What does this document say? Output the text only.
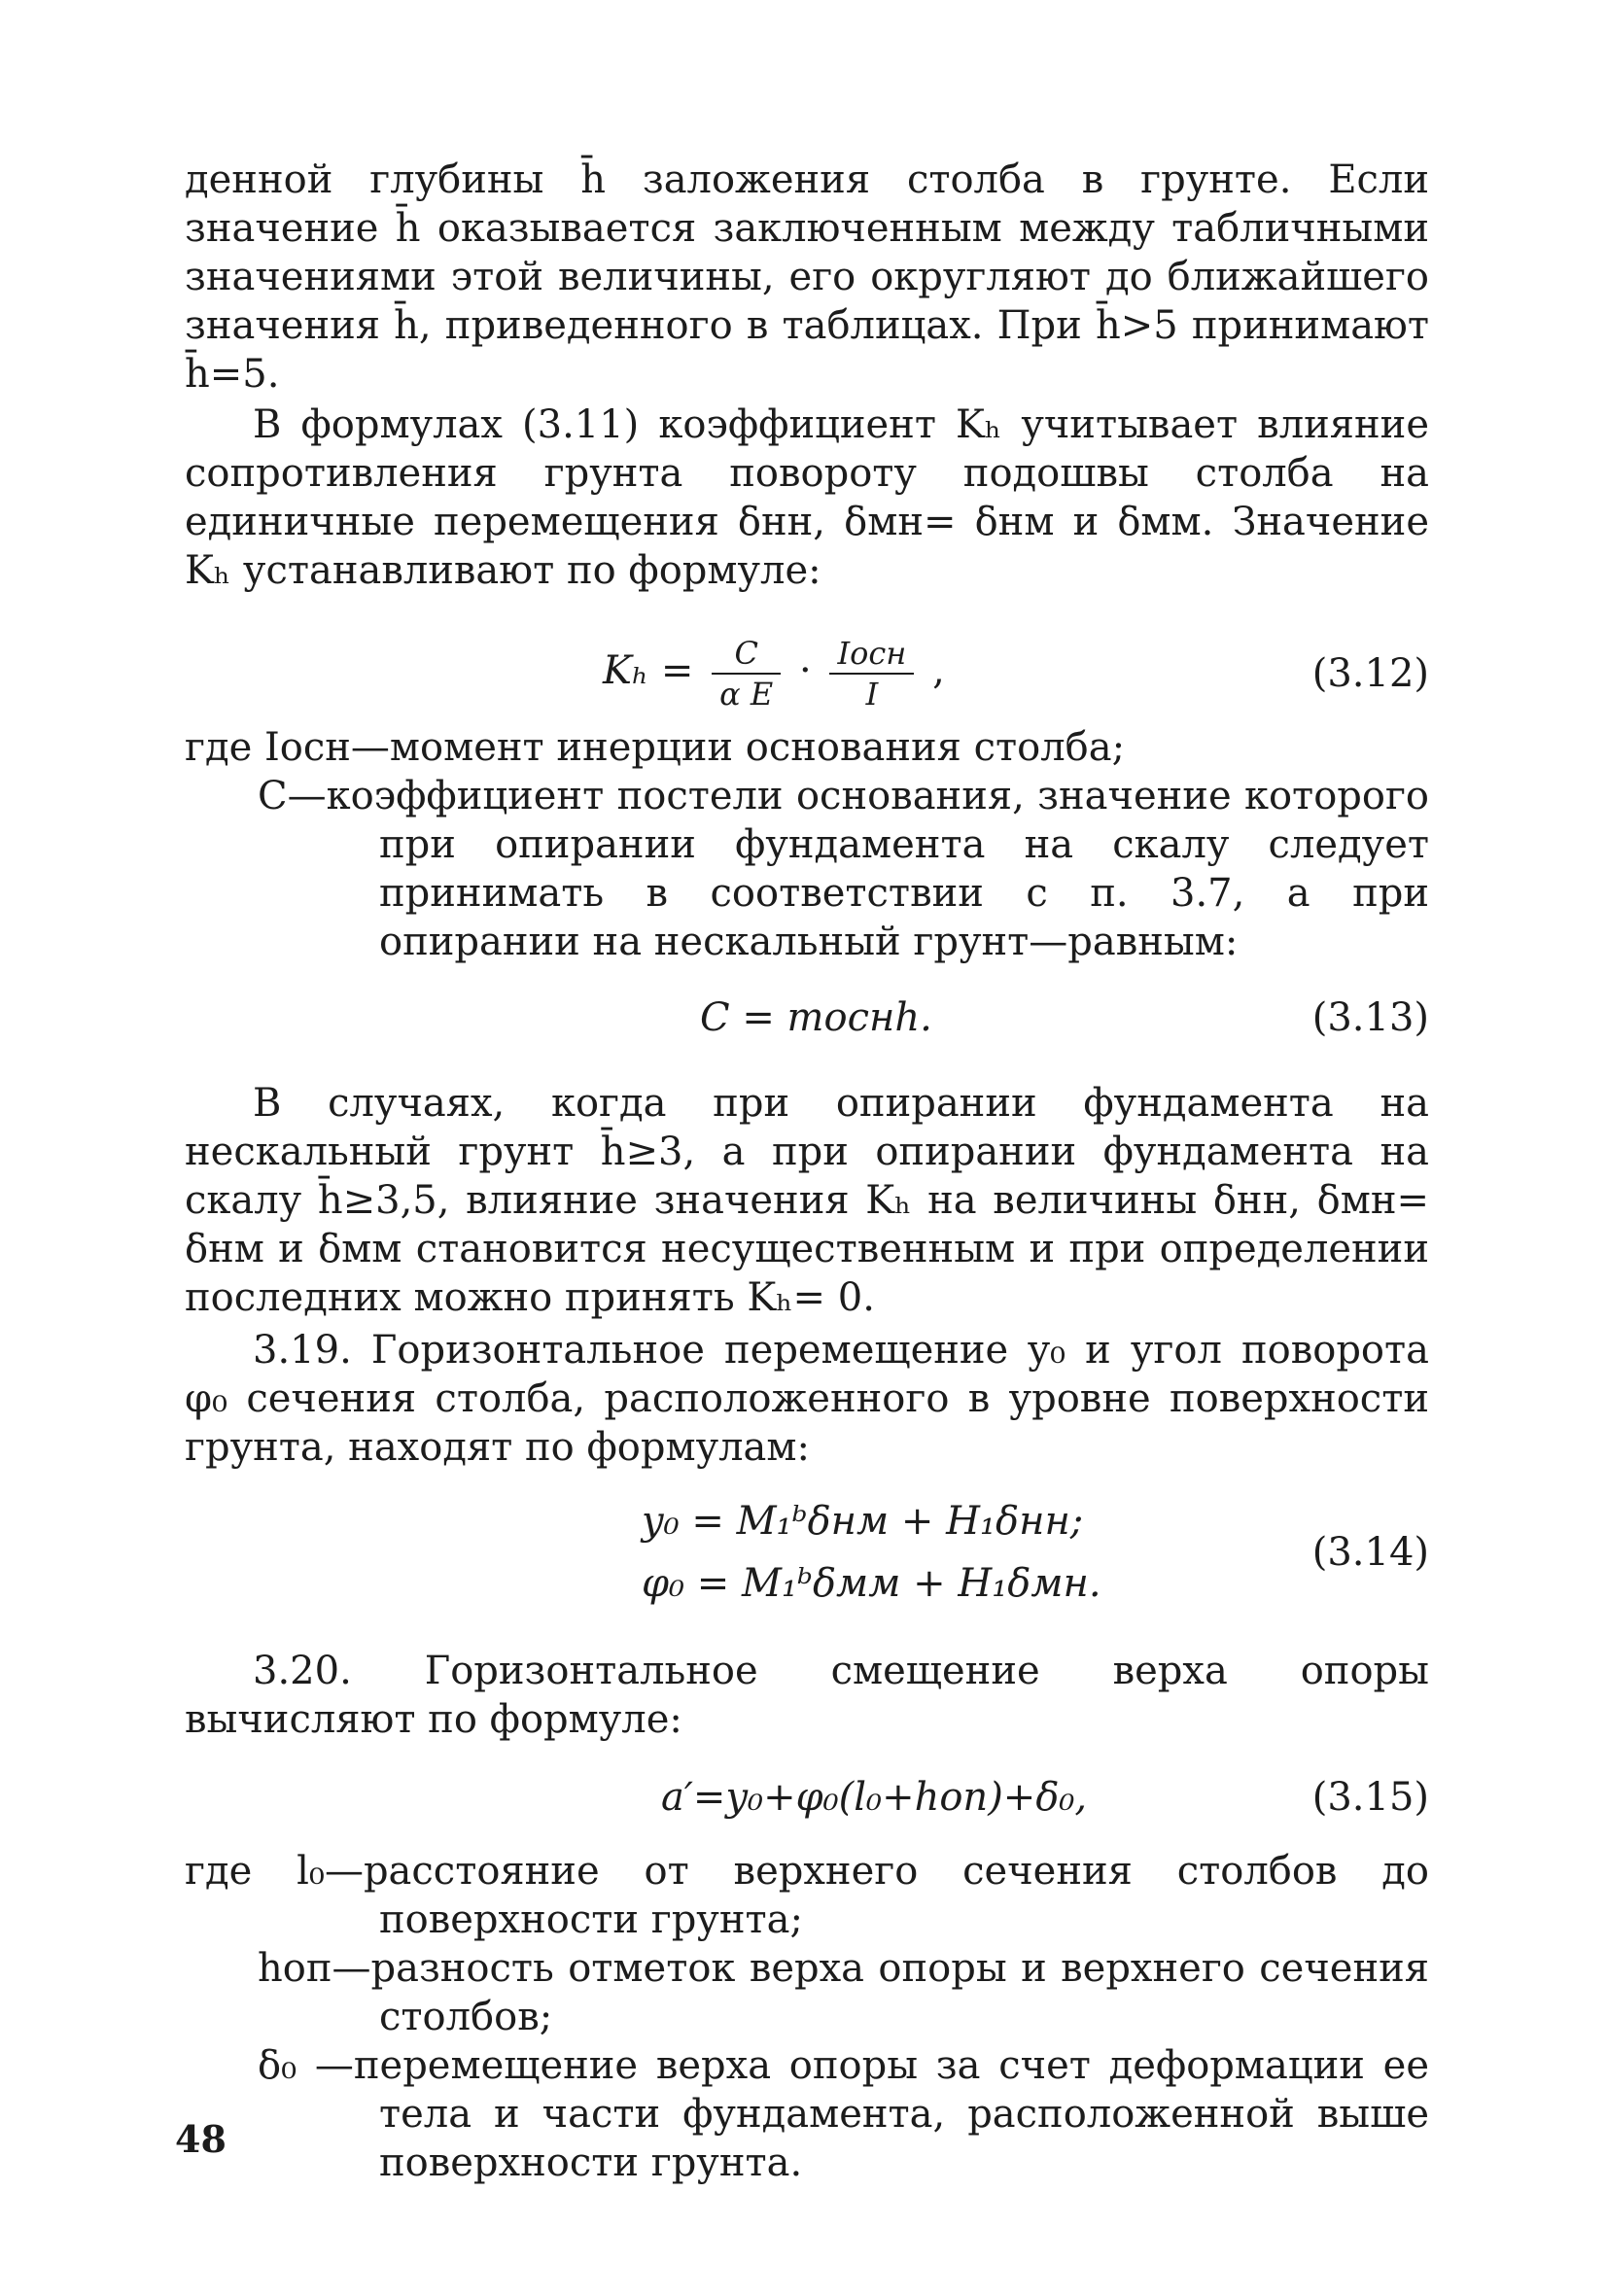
денной глубины h̄ заложения столба в грунте. Если значение h̄ оказывается заключенным между табличными значениями этой величины, его округляют до ближайшего значения h̄, приведенного в таблицах. При h̄>5 принимают h̄=5.

В формулах (3.11) коэффициент Kₕ учитывает влияние сопротивления грунта повороту подошвы столба на единичные перемещения δнн, δмн= δнм и δмм. Значение Kₕ устанавливают по формуле:

$K_h = \frac{C}{\text{α E}} \cdot \frac{\text{Iосн}}{I}$ ,	(3.12)

где Iосн—момент инерции основания столба;

C—коэффициент постели основания, значение которого при опирании фундамента на скалу следует принимать в соответствии с п. 3.7, а при опирании на нескальный грунт—равным:

C = mоснh.	(3.13)

В случаях, когда при опирании фундамента на нескальный грунт h̄≥3, а при опирании фундамента на скалу h̄≥3,5, влияние значения Kₕ на величины δнн, δмн= δнм и δмм становится несущественным и при определении последних можно принять Kₕ= 0.

3.19. Горизонтальное перемещение y₀ и угол поворота φ₀ сечения столба, расположенного в уровне поверхности грунта, находят по формулам:

y₀ = M₁ᵇδнм + H₁δнн;
φ₀ = M₁ᵇδмм + H₁δмн.
(3.14)

3.20. Горизонтальное смещение верха опоры вычисляют по формуле:

a′=y₀+φ₀(l₀+hоп)+δ₀,	(3.15)

где l₀—расстояние от верхнего сечения столбов до поверхности грунта;

hоп—разность отметок верха опоры и верхнего сечения столбов;

δ₀ —перемещение верха опоры за счет деформации ее тела и части фундамента, расположенной выше поверхности грунта.

48
